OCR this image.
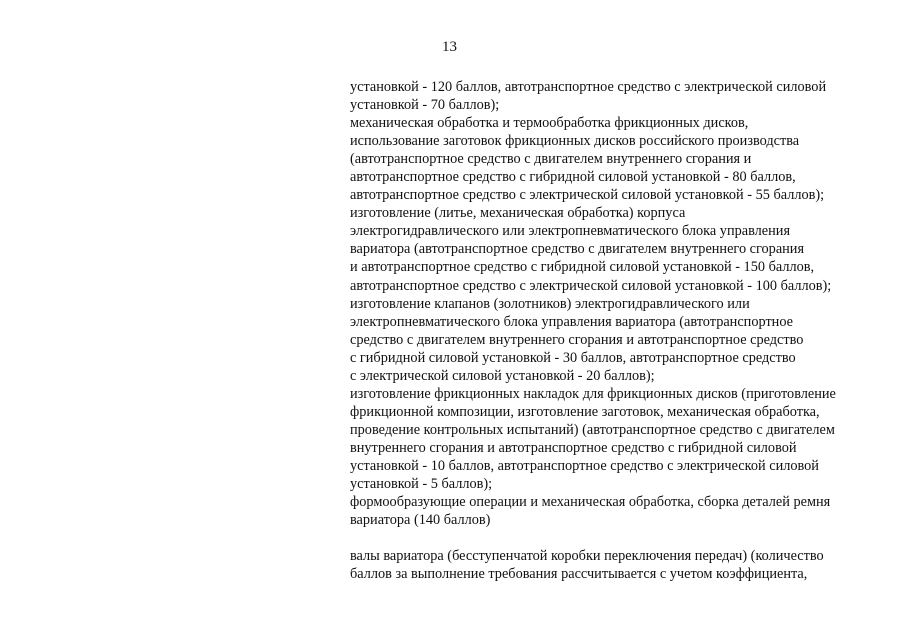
13
установкой - 120 баллов, автотранспортное средство с электрической силовой
установкой - 70 баллов);
механическая обработка и термообработка фрикционных дисков,
использование заготовок фрикционных дисков российского производства
(автотранспортное средство с двигателем внутреннего сгорания и
автотранспортное средство с гибридной силовой установкой - 80 баллов,
автотранспортное средство с электрической силовой установкой - 55 баллов);
изготовление (литье, механическая обработка) корпуса
электрогидравлического или электропневматического блока управления
вариатора (автотранспортное средство с двигателем внутреннего сгорания
и автотранспортное средство с гибридной силовой установкой - 150 баллов,
автотранспортное средство с электрической силовой установкой - 100 баллов);
изготовление клапанов (золотников) электрогидравлического или
электропневматического блока управления вариатора (автотранспортное
средство с двигателем внутреннего сгорания и автотранспортное средство
с гибридной силовой установкой - 30 баллов, автотранспортное средство
с электрической силовой установкой - 20 баллов);
изготовление фрикционных накладок для фрикционных дисков (приготовление
фрикционной композиции, изготовление заготовок, механическая обработка,
проведение контрольных испытаний) (автотранспортное средство с двигателем
внутреннего сгорания и автотранспортное средство с гибридной силовой
установкой - 10 баллов, автотранспортное средство с электрической силовой
установкой - 5 баллов);
формообразующие операции и механическая обработка, сборка деталей ремня
вариатора (140 баллов)
валы вариатора (бесступенчатой коробки переключения передач) (количество
баллов за выполнение требования рассчитывается с учетом коэффициента,
